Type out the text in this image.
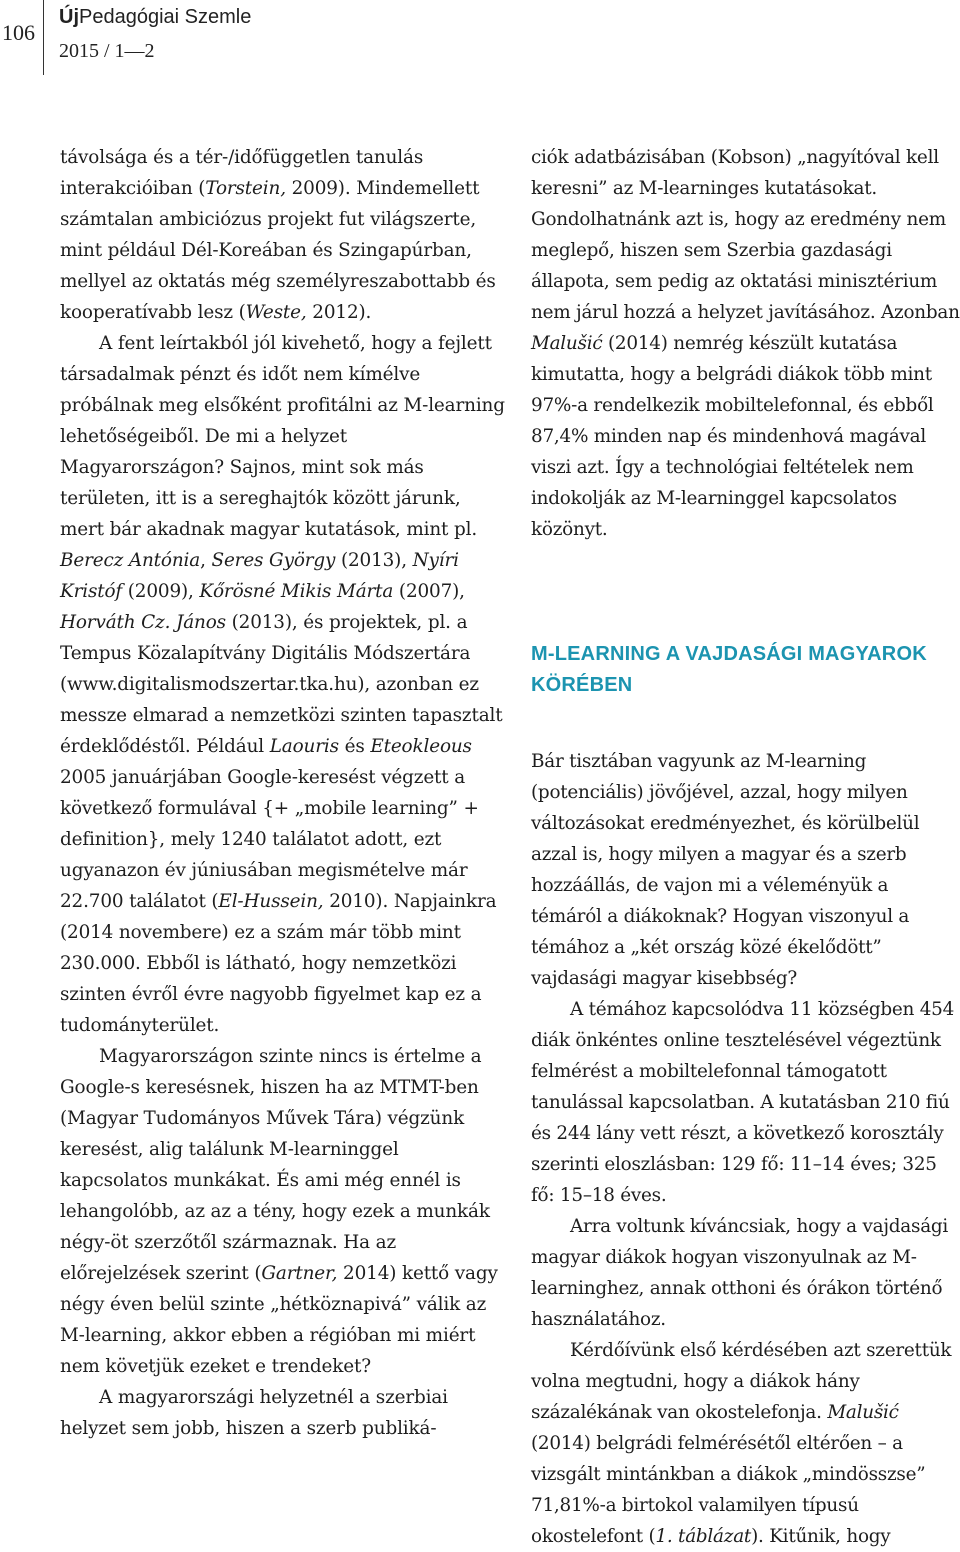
106
ÚjPedagógiai Szemle
2015 / 1—2

távolsága és a tér-/időfüggetlen tanulás interakcióiban (Torstein, 2009). Mindemellett számtalan ambiciózus projekt fut világszerte, mint például Dél-Koreában és Szingapúrban, mellyel az oktatás még személyreszabottabb és kooperatívabb lesz (Weste, 2012).

A fent leírtakból jól kivehető, hogy a fejlett társadalmak pénzt és időt nem kímélve próbálnak meg elsőként profitálni az M-learning lehetőségeiből. De mi a helyzet Magyarországon? Sajnos, mint sok más területen, itt is a sereghajtók között járunk, mert bár akadnak magyar kutatások, mint pl. Berecz Antónia, Seres György (2013), Nyíri Kristóf (2009), Kőrösné Mikis Márta (2007), Horváth Cz. János (2013), és projektek, pl. a Tempus Közalapítvány Digitális Módszertára (www.digitalismodszertar.tka.hu), azonban ez messze elmarad a nemzetközi szinten tapasztalt érdeklődéstől. Például Laouris és Eteokleous 2005 januárjában Google-keresést végzett a következő formulával {+ „mobile learning” + definition}, mely 1240 találatot adott, ezt ugyanazon év júniusában megismételve már 22.700 találatot (El-Hussein, 2010). Napjainkra (2014 novembere) ez a szám már több mint 230.000. Ebből is látható, hogy nemzetközi szinten évről évre nagyobb figyelmet kap ez a tudományterület.

Magyarországon szinte nincs is értelme a Google-s keresésnek, hiszen ha az MTMT-ben (Magyar Tudományos Művek Tára) végzünk keresést, alig találunk M-learninggel kapcsolatos munkákat. És ami még ennél is lehangolóbb, az az a tény, hogy ezek a munkák négy-öt szerzőtől származnak. Ha az előrejelzések szerint (Gartner, 2014) kettő vagy négy éven belül szinte „hétköznapivá” válik az M-learning, akkor ebben a régióban mi miért nem követjük ezeket e trendeket?

A magyarországi helyzetnél a szerbiai helyzet sem jobb, hiszen a szerb publiká-

ciók adatbázisában (Kobson) „nagyítóval kell keresni” az M-learninges kutatásokat. Gondolhatnánk azt is, hogy az eredmény nem meglepő, hiszen sem Szerbia gazdasági állapota, sem pedig az oktatási minisztérium nem járul hozzá a helyzet javításához. Azonban Malušić (2014) nemrég készült kutatása kimutatta, hogy a belgrádi diákok több mint 97%-a rendelkezik mobiltelefonnal, és ebből 87,4% minden nap és mindenhová magával viszi azt. Így a technológiai feltételek nem indokolják az M-learninggel kapcsolatos közönyt.

M-LEARNING A VAJDASÁGI MAGYAROK KÖRÉBEN

Bár tisztában vagyunk az M-learning (potenciális) jövőjével, azzal, hogy milyen változásokat eredményezhet, és körülbelül azzal is, hogy milyen a magyar és a szerb hozzáállás, de vajon mi a véleményük a témáról a diákoknak? Hogyan viszonyul a témához a „két ország közé ékelődött” vajdasági magyar kisebbség?

A témához kapcsolódva 11 községben 454 diák önkéntes online tesztelésével végeztünk felmérést a mobiltelefonnal támogatott tanulással kapcsolatban. A kutatásban 210 fiú és 244 lány vett részt, a következő korosztály szerinti eloszlásban: 129 fő: 11–14 éves; 325 fő: 15–18 éves.

Arra voltunk kíváncsiak, hogy a vajdasági magyar diákok hogyan viszonyulnak az M-learninghez, annak otthoni és órákon történő használatához.

Kérdőívünk első kérdésében azt szerettük volna megtudni, hogy a diákok hány százalékának van okostelefonja. Malušić (2014) belgrádi felmérésétől eltérően – a vizsgált mintánkban a diákok „mindösszse” 71,81%-a birtokol valamilyen típusú okostelefont (1. táblázat). Kitűnik, hogy
